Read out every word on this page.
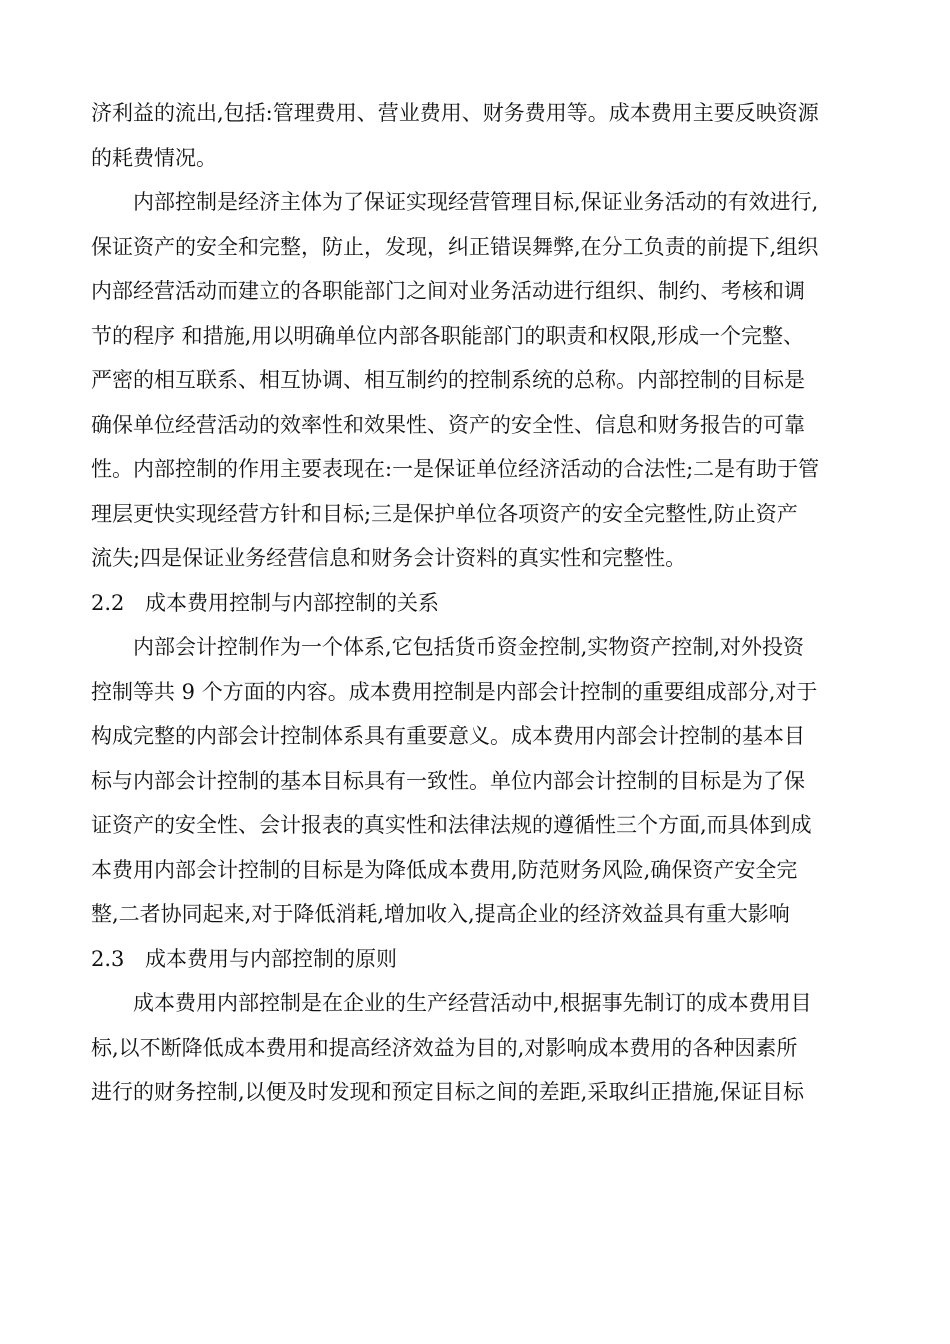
济利益的流出,包括:管理费用、营业费用、财务费用等。成本费用主要反映资源
的耗费情况。
内部控制是经济主体为了保证实现经营管理目标,保证业务活动的有效进行,
保证资产的安全和完整，防止，发现，纠正错误舞弊,在分工负责的前提下,组织
内部经营活动而建立的各职能部门之间对业务活动进行组织、制约、考核和调
节的程序 和措施,用以明确单位内部各职能部门的职责和权限,形成一个完整、
严密的相互联系、相互协调、相互制约的控制系统的总称。内部控制的目标是
确保单位经营活动的效率性和效果性、资产的安全性、信息和财务报告的可靠
性。内部控制的作用主要表现在:一是保证单位经济活动的合法性;二是有助于管
理层更快实现经营方针和目标;三是保护单位各项资产的安全完整性,防止资产
流失;四是保证业务经营信息和财务会计资料的真实性和完整性。
2.2 成本费用控制与内部控制的关系
内部会计控制作为一个体系,它包括货币资金控制,实物资产控制,对外投资
控制等共 9 个方面的内容。成本费用控制是内部会计控制的重要组成部分,对于
构成完整的内部会计控制体系具有重要意义。成本费用内部会计控制的基本目
标与内部会计控制的基本目标具有一致性。单位内部会计控制的目标是为了保
证资产的安全性、会计报表的真实性和法律法规的遵循性三个方面,而具体到成
本费用内部会计控制的目标是为降低成本费用,防范财务风险,确保资产安全完
整,二者协同起来,对于降低消耗,增加收入,提高企业的经济效益具有重大影响
2.3 成本费用与内部控制的原则
成本费用内部控制是在企业的生产经营活动中,根据事先制订的成本费用目
标,以不断降低成本费用和提高经济效益为目的,对影响成本费用的各种因素所
进行的财务控制,以便及时发现和预定目标之间的差距,采取纠正措施,保证目标
